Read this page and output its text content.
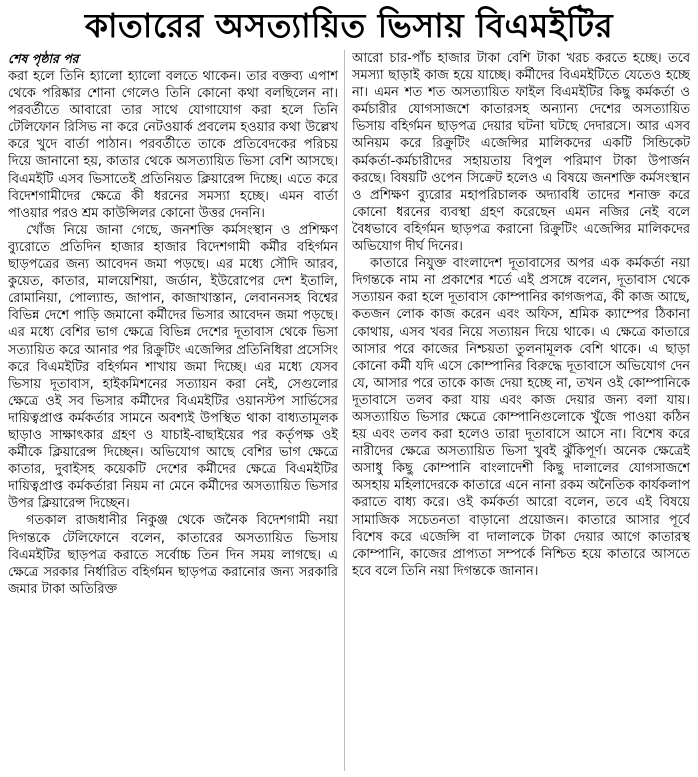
কাতারের অসত্যায়িত ভিসায় বিএমইটির

শেষ পৃষ্ঠার পর

করা হলে তিনি হ্যালো হ্যালো বলতে থাকেন। তার বক্তব্য এপাশ থেকে পরিষ্কার শোনা গেলেও তিনি কোনো কথা বলছিলেন না। পরবর্তীতে আবারো তার সাথে যোগাযোগ করা হলে তিনি টেলিফোন রিসিভ না করে নেটওয়ার্ক প্রবলেম হওয়ার কথা উল্লেখ করে খুদে বার্তা পাঠান। পরবর্তীতে তাকে প্রতিবেদকের পরিচয় দিয়ে জানানো হয়, কাতার থেকে অসত্যায়িত ভিসা বেশি আসছে। বিএমইটি এসব ভিসাতেই প্রতিনিয়ত ক্লিয়ারেন্স দিচ্ছে। এতে করে বিদেশগামীদের ক্ষেত্রে কী ধরনের সমস্যা হচ্ছে। এমন বার্তা পাওয়ার পরও শ্রম কাউন্সিলর কোনো উত্তর দেননি।

খোঁজ নিয়ে জানা গেছে, জনশক্তি কর্মসংস্থান ও প্রশিক্ষণ ব্যুরোতে প্রতিদিন হাজার হাজার বিদেশগামী কর্মীর বহির্গমন ছাড়পত্রের জন্য আবেদন জমা পড়ছে। এর মধ্যে সৌদি আরব, কুয়েত, কাতার, মালয়েশিয়া, জর্ডান, ইউরোপের দেশ ইতালি, রোমানিয়া, পোল্যান্ড, জাপান, কাজাখাস্তান, লেবাননসহ বিশ্বের বিভিন্ন দেশে পাড়ি জমানো কর্মীদের ভিসার আবেদন জমা পড়ছে। এর মধ্যে বেশির ভাগ ক্ষেত্রে বিভিন্ন দেশের দূতাবাস থেকে ভিসা সত্যায়িত করে আনার পর রিক্রুটিং এজেন্সির প্রতিনিধিরা প্রসেসিং করে বিএমইটির বহির্গমন শাখায় জমা দিচ্ছে। এর মধ্যে যেসব ভিসায় দূতাবাস, হাইকমিশনের সত্যায়ন করা নেই, সেগুলোর ক্ষেত্রে ওই সব ভিসার কর্মীদের বিএমইটির ওয়ানস্টপ সার্ভিসের দায়িত্বপ্রাপ্ত কর্মকর্তার সামনে অবশ্যই উপস্থিত থাকা বাধ্যতামূলক ছাড়াও সাক্ষাৎকার গ্রহণ ও যাচাই-বাছাইয়ের পর কর্তৃপক্ষ ওই কর্মীকে ক্লিয়ারেন্স দিচ্ছেন। অভিযোগ আছে বেশির ভাগ ক্ষেত্রে কাতার, দুবাইসহ কয়েকটি দেশের কর্মীদের ক্ষেত্রে বিএমইটির দায়িত্বপ্রাপ্ত কর্মকর্তারা নিয়ম না মেনে কর্মীদের অসত্যায়িত ভিসার উপর ক্লিয়ারেন্স দিচ্ছেন।

গতকাল রাজধানীর নিকুঞ্জ থেকে জনৈক বিদেশগামী নয়া দিগন্তকে টেলিফোনে বলেন, কাতারের অসত্যায়িত ভিসায় বিএমইটির ছাড়পত্র করাতে সর্বোচ্চ তিন দিন সময় লাগছে। এ ক্ষেত্রে সরকার নির্ধারিত বহির্গমন ছাড়পত্র করানোর জন্য সরকারি জমার টাকা অতিরিক্ত

আরো চার-পাঁচ হাজার টাকা বেশি টাকা খরচ করতে হচ্ছে। তবে সমস্যা ছাড়াই কাজ হয়ে যাচ্ছে। কর্মীদের বিএমইটিতে যেতেও হচ্ছে না। এমন শত শত অসত্যায়িত ফাইল বিএমইটির কিছু কর্মকর্তা ও কর্মচারীর যোগসাজশে কাতারসহ অন্যান্য দেশের অসত্যায়িত ভিসায় বহির্গমন ছাড়পত্র দেয়ার ঘটনা ঘটছে দেদারসে। আর এসব অনিয়ম করে রিক্রুটিং এজেন্সির মালিকদের একটি সিন্ডিকেট কর্মকর্তা-কর্মচারীদের সহায়তায় বিপুল পরিমাণ টাকা উপার্জন করছে। বিষয়টি ওপেন সিক্রেট হলেও এ বিষয়ে জনশক্তি কর্মসংস্থান ও প্রশিক্ষণ ব্যুরোর মহাপরিচালক অদ্যাবধি তাদের শনাক্ত করে কোনো ধরনের ব্যবস্থা গ্রহণ করেছেন এমন নজির নেই বলে বৈধভাবে বহির্গমন ছাড়পত্র করানো রিক্রুটিং এজেন্সির মালিকদের অভিযোগ দীর্ঘ দিনের।

কাতারে নিযুক্ত বাংলাদেশ দূতাবাসের অপর এক কর্মকর্তা নয়া দিগন্তকে নাম না প্রকাশের শর্তে এই প্রসঙ্গে বলেন, দূতাবাস থেকে সত্যায়ন করা হলে দূতাবাস কোম্পানির কাগজপত্র, কী কাজ আছে, কতজন লোক কাজ করেন এবং অফিস, শ্রমিক ক্যাম্পের ঠিকানা কোথায়, এসব খবর নিয়ে সত্যায়ন দিয়ে থাকে। এ ক্ষেত্রে কাতারে আসার পরে কাজের নিশ্চয়তা তুলনামূলক বেশি থাকে। এ ছাড়া কোনো কর্মী যদি এসে কোম্পানির বিরুদ্ধে দূতাবাসে অভিযোগ দেন যে, আসার পরে তাকে কাজ দেয়া হচ্ছে না, তখন ওই কোম্পানিকে দূতাবাসে তলব করা যায় এবং কাজ দেয়ার জন্য বলা যায়। অসত্যায়িত ভিসার ক্ষেত্রে কোম্পানিগুলোকে খুঁজে পাওয়া কঠিন হয় এবং তলব করা হলেও তারা দূতাবাসে আসে না। বিশেষ করে নারীদের ক্ষেত্রে অসত্যায়িত ভিসা খুবই ঝুঁকিপূর্ণ। অনেক ক্ষেত্রেই অসাধু কিছু কোম্পানি বাংলাদেশী কিছু দালালের যোগসাজশে অসহায় মহিলাদেরকে কাতারে এনে নানা রকম অনৈতিক কার্যকলাপ করাতে বাধ্য করে। ওই কর্মকর্তা আরো বলেন, তবে এই বিষয়ে সামাজিক সচেতনতা বাড়ানো প্রয়োজন। কাতারে আসার পূর্বে বিশেষ করে এজেন্সি বা দালালকে টাকা দেয়ার আগে কাতারস্থ কোম্পানি, কাজের প্রাপ্যতা সম্পর্কে নিশ্চিত হয়ে কাতারে আসতে হবে বলে তিনি নয়া দিগন্তকে জানান।
